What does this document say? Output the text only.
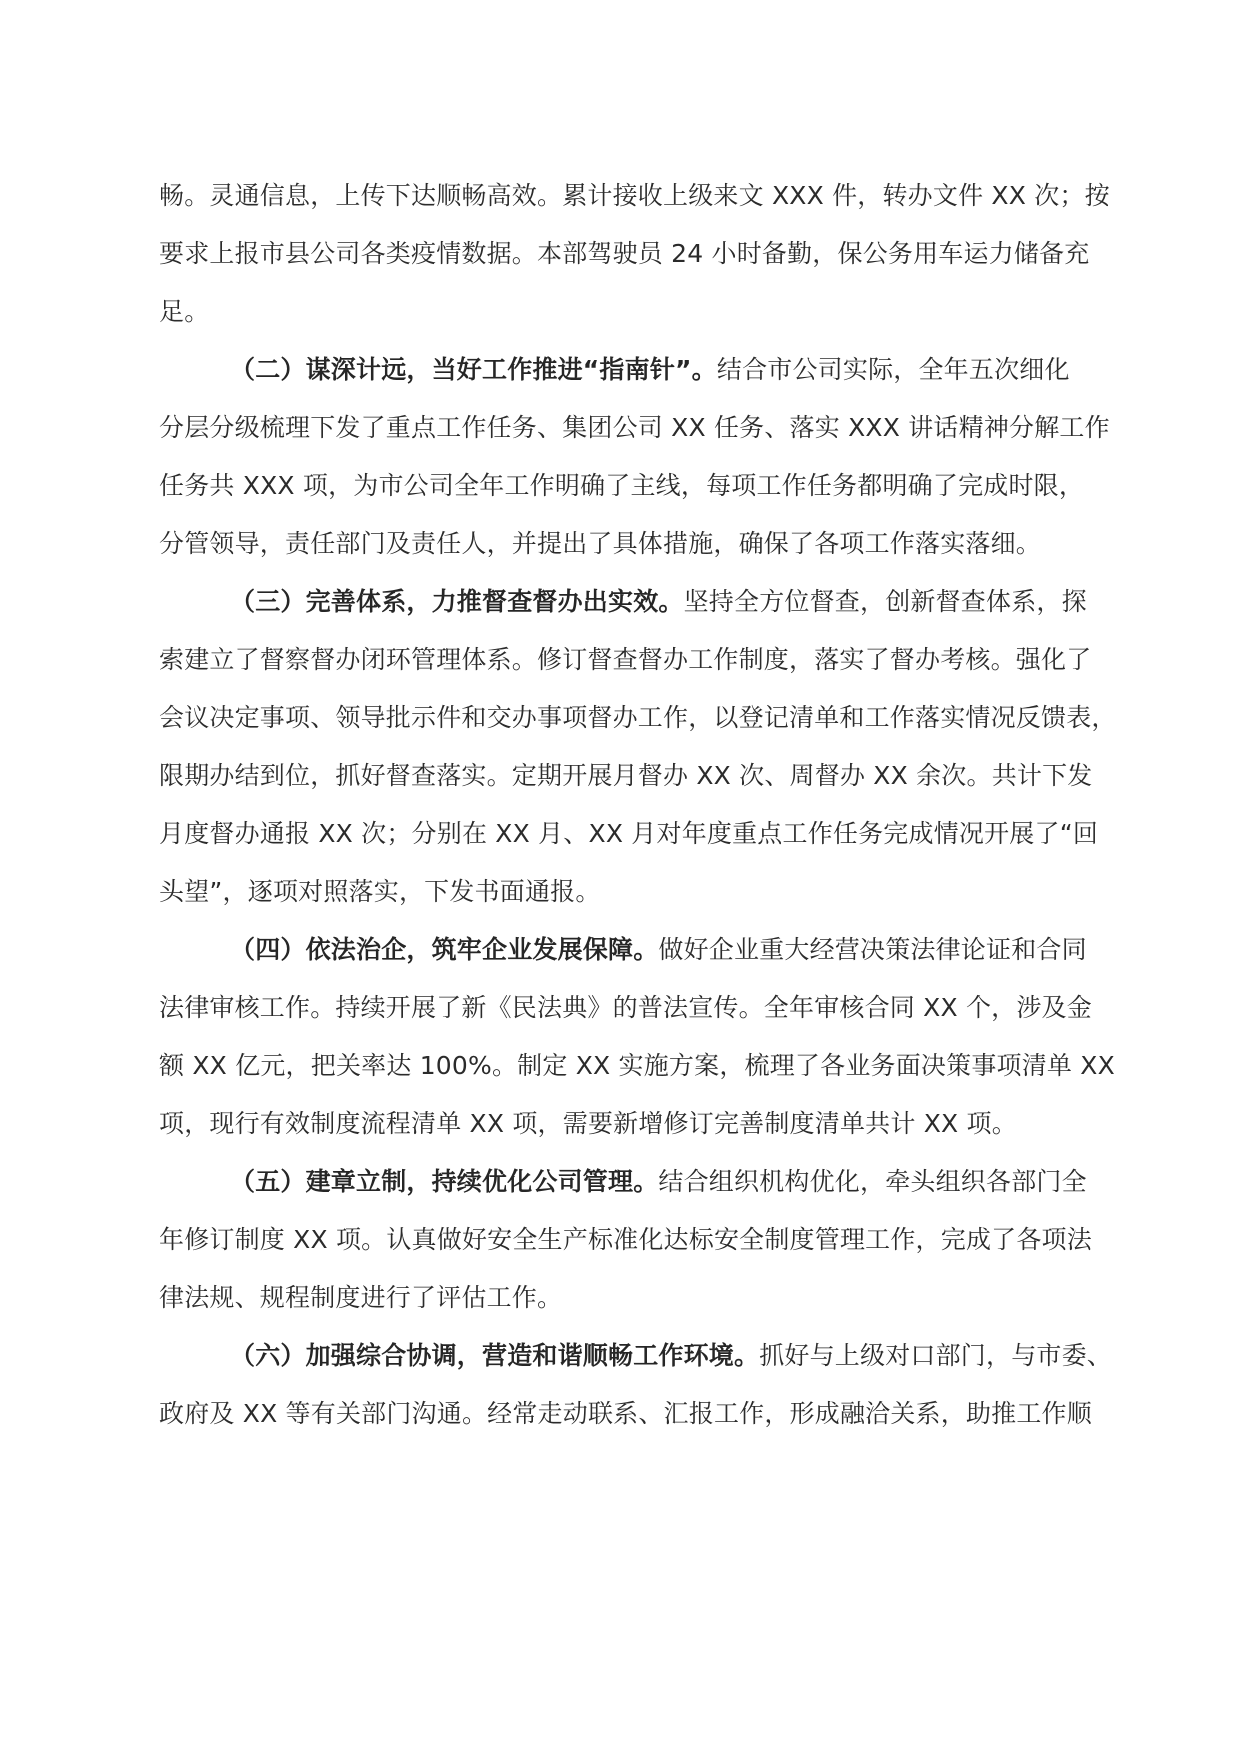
畅。灵通信息，上传下达顺畅高效。累计接收上级来文 XXX 件，转办文件 XX 次；按
要求上报市县公司各类疫情数据。本部驾驶员 24 小时备勤，保公务用车运力储备充
足。
（二）谋深计远，当好工作推进“指南针”。结合市公司实际，全年五次细化
分层分级梳理下发了重点工作任务、集团公司 XX 任务、落实 XXX 讲话精神分解工作
任务共 XXX 项，为市公司全年工作明确了主线，每项工作任务都明确了完成时限，
分管领导，责任部门及责任人，并提出了具体措施，确保了各项工作落实落细。
（三）完善体系，力推督查督办出实效。坚持全方位督查，创新督查体系，探
索建立了督察督办闭环管理体系。修订督查督办工作制度，落实了督办考核。强化了
会议决定事项、领导批示件和交办事项督办工作，以登记清单和工作落实情况反馈表，
限期办结到位，抓好督查落实。定期开展月督办 XX 次、周督办 XX 余次。共计下发
月度督办通报 XX 次；分别在 XX 月、XX 月对年度重点工作任务完成情况开展了“回
头望”，逐项对照落实，下发书面通报。
（四）依法治企，筑牢企业发展保障。做好企业重大经营决策法律论证和合同
法律审核工作。持续开展了新《民法典》的普法宣传。全年审核合同 XX 个，涉及金
额 XX 亿元，把关率达 100%。制定 XX 实施方案，梳理了各业务面决策事项清单 XX
项，现行有效制度流程清单 XX 项，需要新增修订完善制度清单共计 XX 项。
（五）建章立制，持续优化公司管理。结合组织机构优化，牵头组织各部门全
年修订制度 XX 项。认真做好安全生产标准化达标安全制度管理工作，完成了各项法
律法规、规程制度进行了评估工作。
（六）加强综合协调，营造和谐顺畅工作环境。抓好与上级对口部门，与市委、
政府及 XX 等有关部门沟通。经常走动联系、汇报工作，形成融洽关系，助推工作顺
